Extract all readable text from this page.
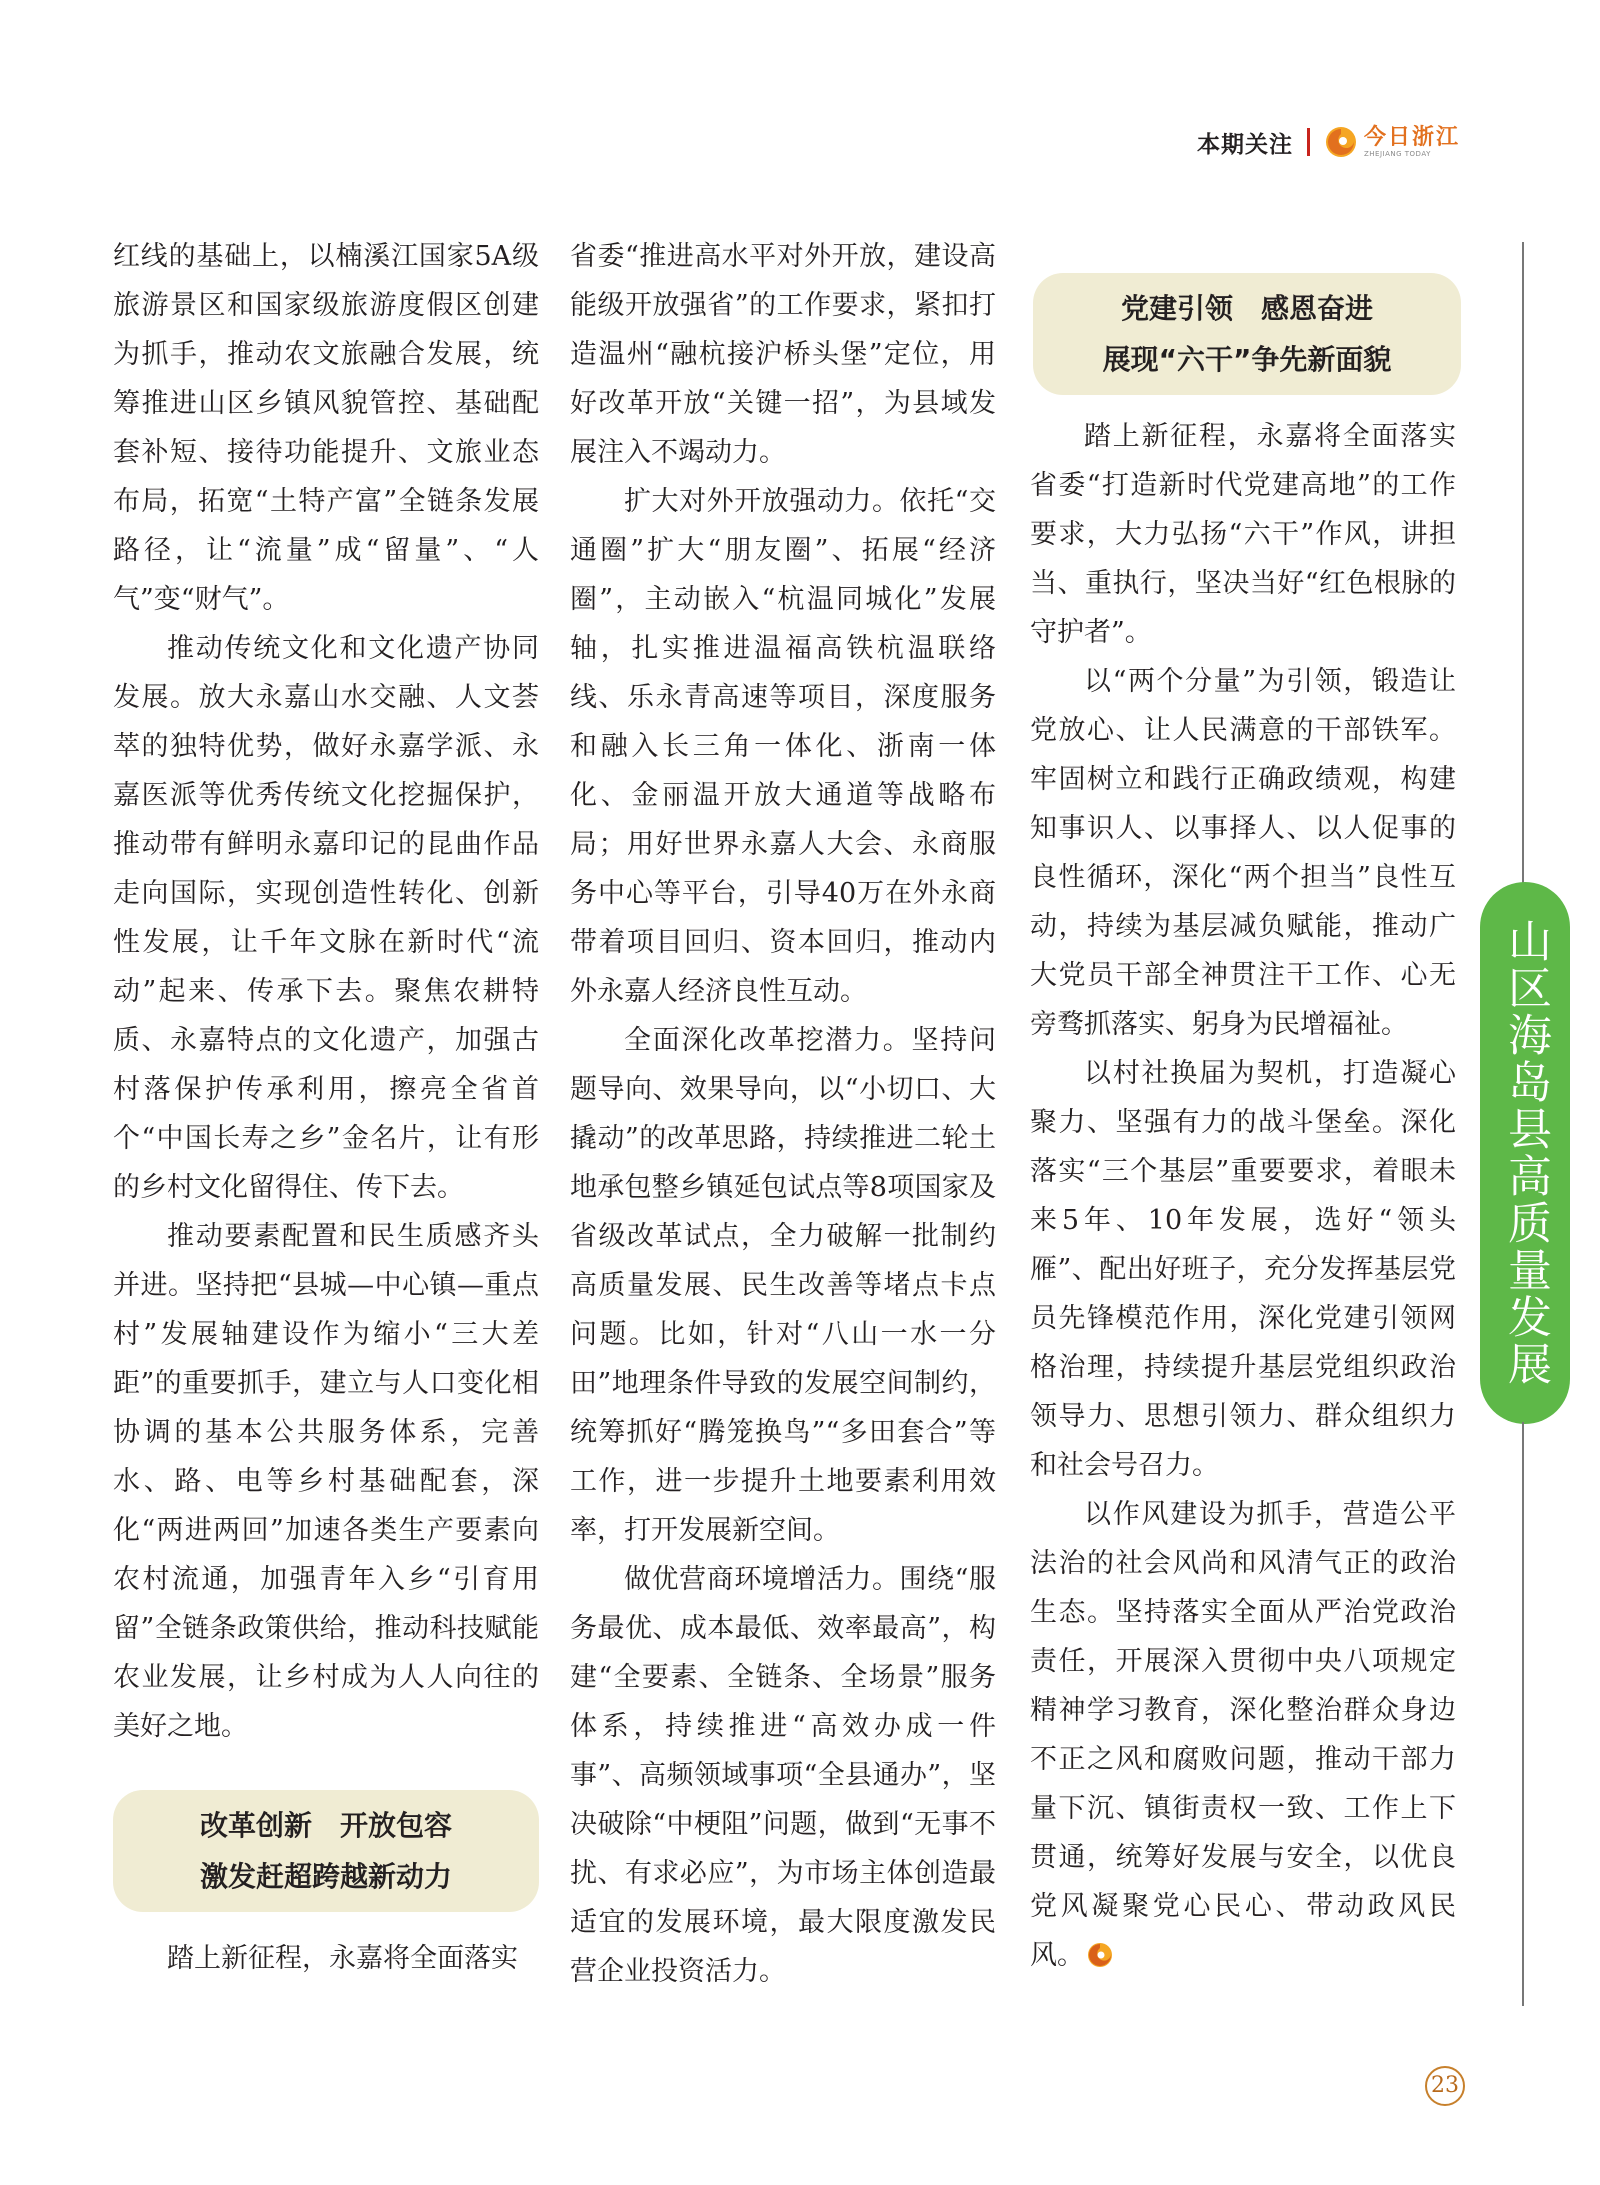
本期关注	今日浙江
ZHEJIANG TODAY

红线的基础上，以楠溪江国家5A级旅游景区和国家级旅游度假区创建为抓手，推动农文旅融合发展，统筹推进山区乡镇风貌管控、基础配套补短、接待功能提升、文旅业态布局，拓宽“土特产富”全链条发展路径，让“流量”成“留量”、“人气”变“财气”。

推动传统文化和文化遗产协同发展。放大永嘉山水交融、人文荟萃的独特优势，做好永嘉学派、永嘉医派等优秀传统文化挖掘保护，推动带有鲜明永嘉印记的昆曲作品走向国际，实现创造性转化、创新性发展，让千年文脉在新时代“流动”起来、传承下去。聚焦农耕特质、永嘉特点的文化遗产，加强古村落保护传承利用，擦亮全省首个“中国长寿之乡”金名片，让有形的乡村文化留得住、传下去。

推动要素配置和民生质感齐头并进。坚持把“县城—中心镇—重点村”发展轴建设作为缩小“三大差距”的重要抓手，建立与人口变化相协调的基本公共服务体系，完善水、路、电等乡村基础配套，深化“两进两回”加速各类生产要素向农村流通，加强青年入乡“引育用留”全链条政策供给，推动科技赋能农业发展，让乡村成为人人向往的美好之地。

改革创新　开放包容
激发赶超跨越新动力

踏上新征程，永嘉将全面落实

省委“推进高水平对外开放，建设高能级开放强省”的工作要求，紧扣打造温州“融杭接沪桥头堡”定位，用好改革开放“关键一招”，为县域发展注入不竭动力。

扩大对外开放强动力。依托“交通圈”扩大“朋友圈”、拓展“经济圈”，主动嵌入“杭温同城化”发展轴，扎实推进温福高铁杭温联络线、乐永青高速等项目，深度服务和融入长三角一体化、浙南一体化、金丽温开放大通道等战略布局；用好世界永嘉人大会、永商服务中心等平台，引导40万在外永商带着项目回归、资本回归，推动内外永嘉人经济良性互动。

全面深化改革挖潜力。坚持问题导向、效果导向，以“小切口、大撬动”的改革思路，持续推进二轮土地承包整乡镇延包试点等8项国家及省级改革试点，全力破解一批制约高质量发展、民生改善等堵点卡点问题。比如，针对“八山一水一分田”地理条件导致的发展空间制约，统筹抓好“腾笼换鸟”“多田套合”等工作，进一步提升土地要素利用效率，打开发展新空间。

做优营商环境增活力。围绕“服务最优、成本最低、效率最高”，构建“全要素、全链条、全场景”服务体系，持续推进“高效办成一件事”、高频领域事项“全县通办”，坚决破除“中梗阻”问题，做到“无事不扰、有求必应”，为市场主体创造最适宜的发展环境，最大限度激发民营企业投资活力。

党建引领　感恩奋进
展现“六干”争先新面貌

踏上新征程，永嘉将全面落实省委“打造新时代党建高地”的工作要求，大力弘扬“六干”作风，讲担当、重执行，坚决当好“红色根脉的守护者”。

以“两个分量”为引领，锻造让党放心、让人民满意的干部铁军。牢固树立和践行正确政绩观，构建知事识人、以事择人、以人促事的良性循环，深化“两个担当”良性互动，持续为基层减负赋能，推动广大党员干部全神贯注干工作、心无旁骛抓落实、躬身为民增福祉。

以村社换届为契机，打造凝心聚力、坚强有力的战斗堡垒。深化落实“三个基层”重要要求，着眼未来5年、10年发展，选好“领头雁”、配出好班子，充分发挥基层党员先锋模范作用，深化党建引领网格治理，持续提升基层党组织政治领导力、思想引领力、群众组织力和社会号召力。

以作风建设为抓手，营造公平法治的社会风尚和风清气正的政治生态。坚持落实全面从严治党政治责任，开展深入贯彻中央八项规定精神学习教育，深化整治群众身边不正之风和腐败问题，推动干部力量下沉、镇街责权一致、工作上下贯通，统筹好发展与安全，以优良党风凝聚党心民心、带动政风民风。

山区海岛县高质量发展
23
